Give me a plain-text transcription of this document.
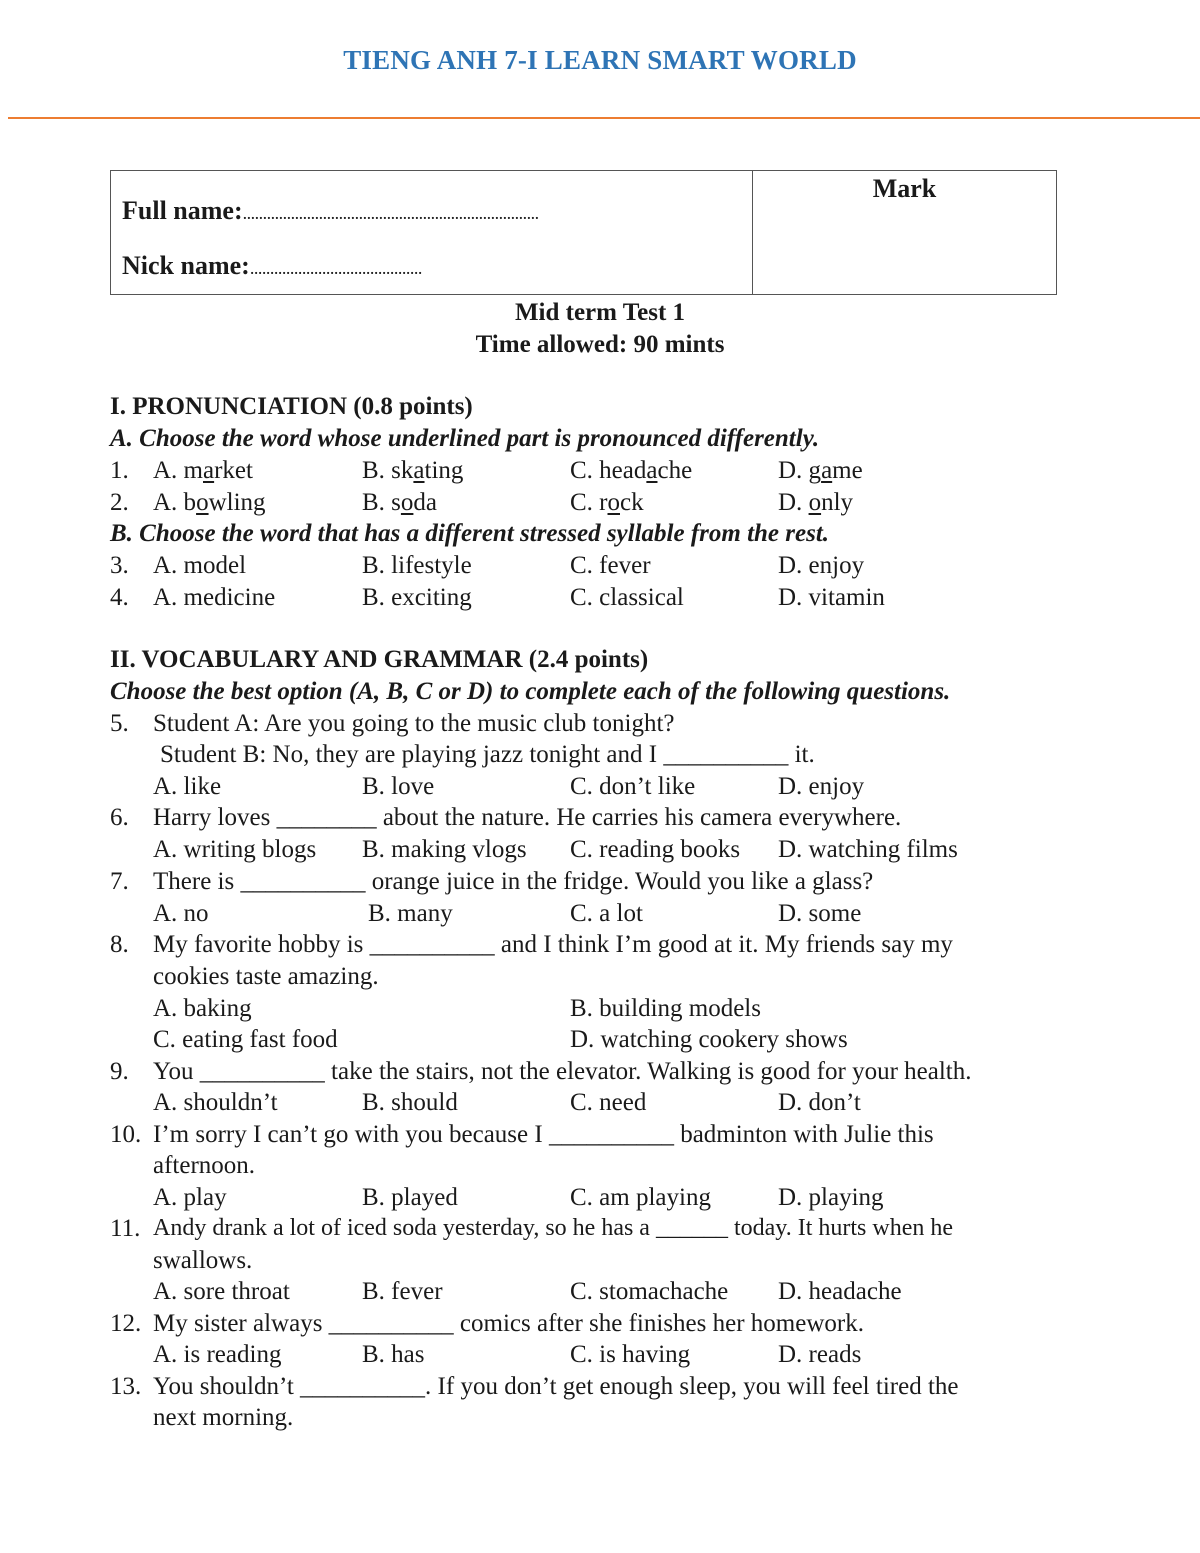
TIENG ANH 7-I LEARN SMART WORLD
Full name:..........................................................................
Nick name:...........................................
Mark
Mid term Test 1
Time allowed: 90 mints
I. PRONUNCIATION (0.8 points)
A. Choose the word whose underlined part is pronounced differently.
1. A. market	B. skating	C. headache	D. game
2. A. bowling	B. soda	C. rock	D. only
B. Choose the word that has a different stressed syllable from the rest.
3. A. model	B. lifestyle	C. fever	D. enjoy
4. A. medicine	B. exciting	C. classical	D. vitamin
II. VOCABULARY AND GRAMMAR (2.4 points)
Choose the best option (A, B, C or D) to complete each of the following questions.
5. Student A: Are you going to the music club tonight?
Student B: No, they are playing jazz tonight and I __________ it.
A. like	B. love	C. don’t like	D. enjoy
6. Harry loves ________ about the nature. He carries his camera everywhere.
A. writing blogs B. making vlogs C. reading books D. watching films
7. There is __________ orange juice in the fridge. Would you like a glass?
A. no	B. many	C. a lot	D. some
8. My favorite hobby is __________ and I think I’m good at it. My friends say my
cookies taste amazing.
A. baking	B. building models
C. eating fast food	D. watching cookery shows
9. You __________ take the stairs, not the elevator. Walking is good for your health.
A. shouldn’t	B. should	C. need	D. don’t
10. I’m sorry I can’t go with you because I __________ badminton with Julie this
afternoon.
A. play	B. played	C. am playing	D. playing
11. Andy drank a lot of iced soda yesterday, so he has a ______ today. It hurts when he
swallows.
A. sore throat	B. fever	C. stomachache D. headache
12. My sister always __________ comics after she finishes her homework.
A. is reading	B. has	C. is having	D. reads
13. You shouldn’t __________. If you don’t get enough sleep, you will feel tired the
next morning.
